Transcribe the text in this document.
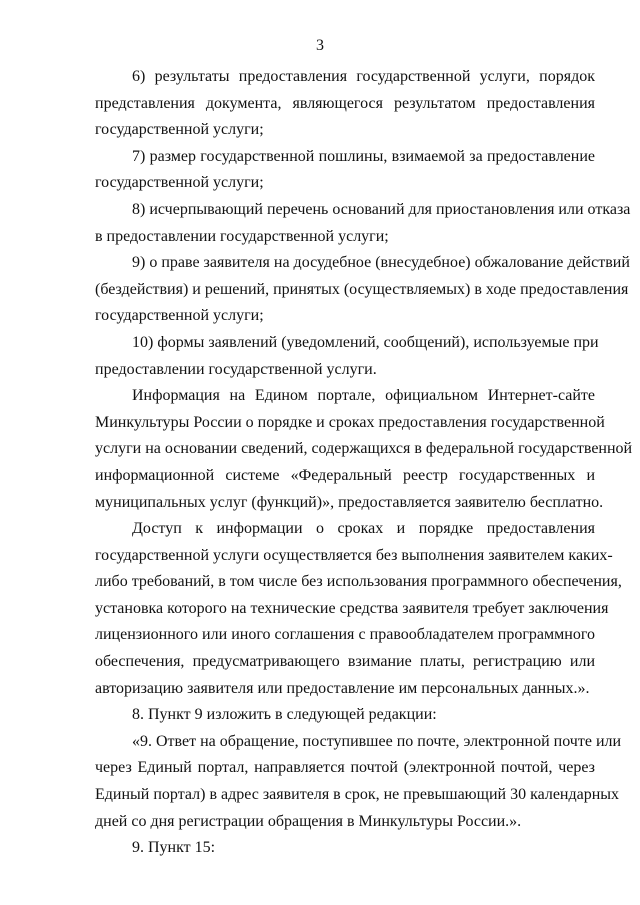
3
6) результаты предоставления государственной услуги, порядок
представления документа, являющегося результатом предоставления
государственной услуги;
7) размер государственной пошлины, взимаемой за предоставление
государственной услуги;
8) исчерпывающий перечень оснований для приостановления или отказа
в предоставлении государственной услуги;
9) о праве заявителя на досудебное (внесудебное) обжалование действий
(бездействия) и решений, принятых (осуществляемых) в ходе предоставления
государственной услуги;
10) формы заявлений (уведомлений, сообщений), используемые при
предоставлении государственной услуги.
Информация на Едином портале, официальном Интернет-сайте
Минкультуры России о порядке и сроках предоставления государственной
услуги на основании сведений, содержащихся в федеральной государственной
информационной системе «Федеральный реестр государственных и
муниципальных услуг (функций)», предоставляется заявителю бесплатно.
Доступ к информации о сроках и порядке предоставления
государственной услуги осуществляется без выполнения заявителем каких-
либо требований, в том числе без использования программного обеспечения,
установка которого на технические средства заявителя требует заключения
лицензионного или иного соглашения с правообладателем программного
обеспечения, предусматривающего взимание платы, регистрацию или
авторизацию заявителя или предоставление им персональных данных.».
8. Пункт 9 изложить в следующей редакции:
«9. Ответ на обращение, поступившее по почте, электронной почте или
через Единый портал, направляется почтой (электронной почтой, через
Единый портал) в адрес заявителя в срок, не превышающий 30 календарных
дней со дня регистрации обращения в Минкультуры России.».
9. Пункт 15:
